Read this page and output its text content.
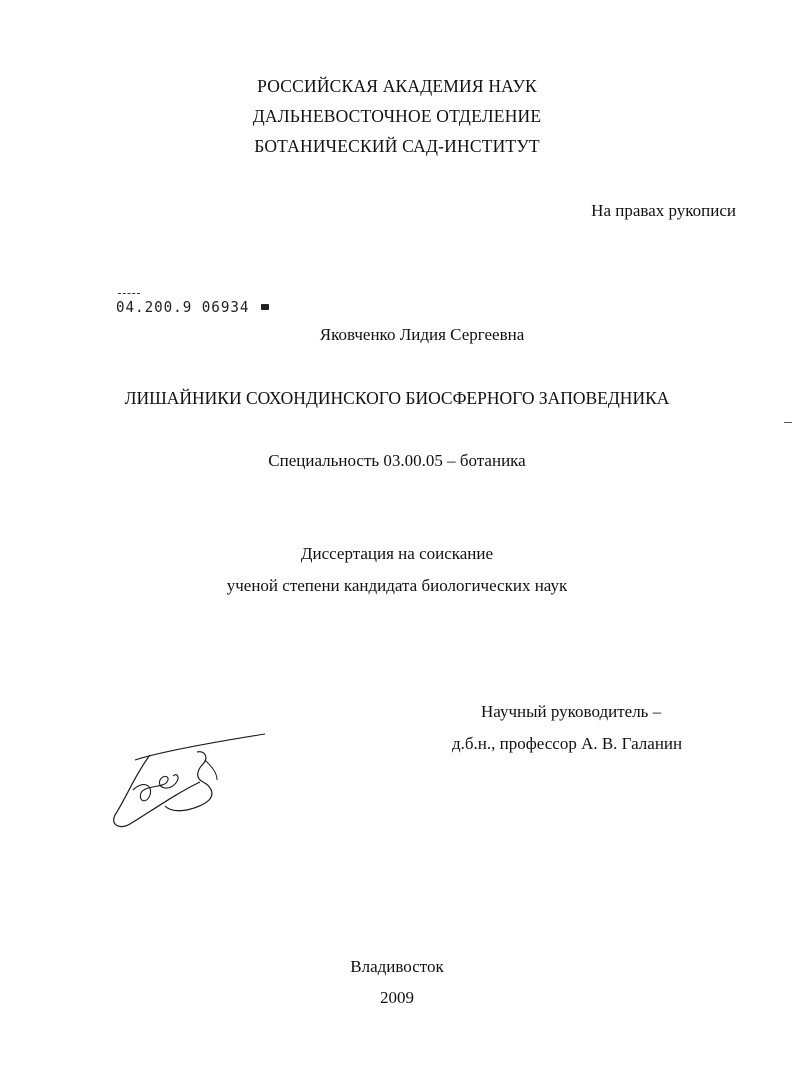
РОССИЙСКАЯ АКАДЕМИЯ НАУК
ДАЛЬНЕВОСТОЧНОЕ ОТДЕЛЕНИЕ
БОТАНИЧЕСКИЙ САД-ИНСТИТУТ
На правах рукописи
04.200.9 06934
Яковченко Лидия Сергеевна
ЛИШАЙНИКИ СОХОНДИНСКОГО БИОСФЕРНОГО ЗАПОВЕДНИКА
Специальность 03.00.05 – ботаника
Диссертация на соискание
ученой степени кандидата биологических наук
Научный руководитель –
д.б.н., профессор А. В. Галанин
Владивосток
2009
